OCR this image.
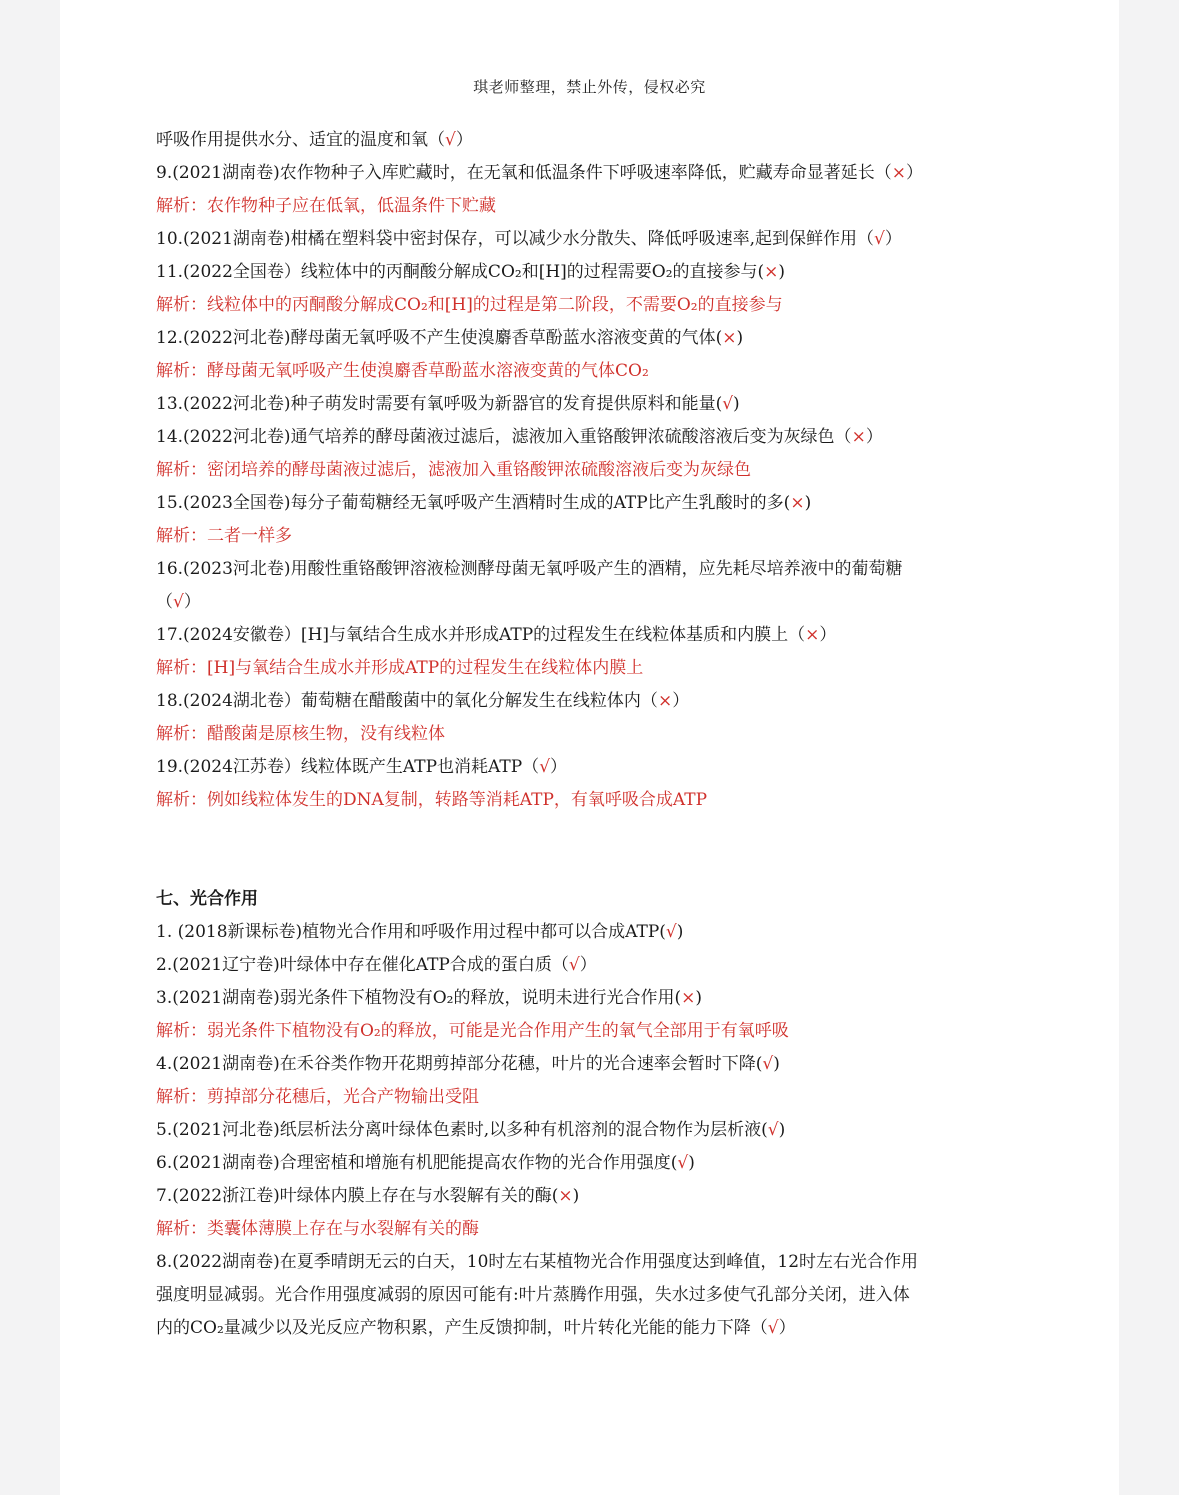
琪老师整理，禁止外传，侵权必究
呼吸作用提供水分、适宜的温度和氧（√）
9.(2021湖南卷)农作物种子入库贮藏时，在无氧和低温条件下呼吸速率降低，贮藏寿命显著延长（×）
解析：农作物种子应在低氧，低温条件下贮藏
10.(2021湖南卷)柑橘在塑料袋中密封保存，可以减少水分散失、降低呼吸速率,起到保鲜作用（√）
11.(2022全国卷）线粒体中的丙酮酸分解成CO₂和[H]的过程需要O₂的直接参与(×)
解析：线粒体中的丙酮酸分解成CO₂和[H]的过程是第二阶段，不需要O₂的直接参与
12.(2022河北卷)酵母菌无氧呼吸不产生使溴麝香草酚蓝水溶液变黄的气体(×)
解析：酵母菌无氧呼吸产生使溴麝香草酚蓝水溶液变黄的气体CO₂
13.(2022河北卷)种子萌发时需要有氧呼吸为新器官的发育提供原料和能量(√)
14.(2022河北卷)通气培养的酵母菌液过滤后，滤液加入重铬酸钾浓硫酸溶液后变为灰绿色（×）
解析：密闭培养的酵母菌液过滤后，滤液加入重铬酸钾浓硫酸溶液后变为灰绿色
15.(2023全国卷)每分子葡萄糖经无氧呼吸产生酒精时生成的ATP比产生乳酸时的多(×)
解析：二者一样多
16.(2023河北卷)用酸性重铬酸钾溶液检测酵母菌无氧呼吸产生的酒精，应先耗尽培养液中的葡萄糖
（√）
17.(2024安徽卷）[H]与氧结合生成水并形成ATP的过程发生在线粒体基质和内膜上（×）
解析：[H]与氧结合生成水并形成ATP的过程发生在线粒体内膜上
18.(2024湖北卷）葡萄糖在醋酸菌中的氧化分解发生在线粒体内（×）
解析：醋酸菌是原核生物，没有线粒体
19.(2024江苏卷）线粒体既产生ATP也消耗ATP（√）
解析：例如线粒体发生的DNA复制，转路等消耗ATP，有氧呼吸合成ATP
七、光合作用
1. (2018新课标卷)植物光合作用和呼吸作用过程中都可以合成ATP(√)
2.(2021辽宁卷)叶绿体中存在催化ATP合成的蛋白质（√）
3.(2021湖南卷)弱光条件下植物没有O₂的释放，说明未进行光合作用(×)
解析：弱光条件下植物没有O₂的释放，可能是光合作用产生的氧气全部用于有氧呼吸
4.(2021湖南卷)在禾谷类作物开花期剪掉部分花穗，叶片的光合速率会暂时下降(√)
解析：剪掉部分花穗后，光合产物输出受阻
5.(2021河北卷)纸层析法分离叶绿体色素时,以多种有机溶剂的混合物作为层析液(√)
6.(2021湖南卷)合理密植和增施有机肥能提高农作物的光合作用强度(√)
7.(2022浙江卷)叶绿体内膜上存在与水裂解有关的酶(×)
解析：类囊体薄膜上存在与水裂解有关的酶
8.(2022湖南卷)在夏季晴朗无云的白天，10时左右某植物光合作用强度达到峰值，12时左右光合作用
强度明显减弱。光合作用强度减弱的原因可能有:叶片蒸腾作用强，失水过多使气孔部分关闭，进入体
内的CO₂量减少以及光反应产物积累，产生反馈抑制，叶片转化光能的能力下降（√）
